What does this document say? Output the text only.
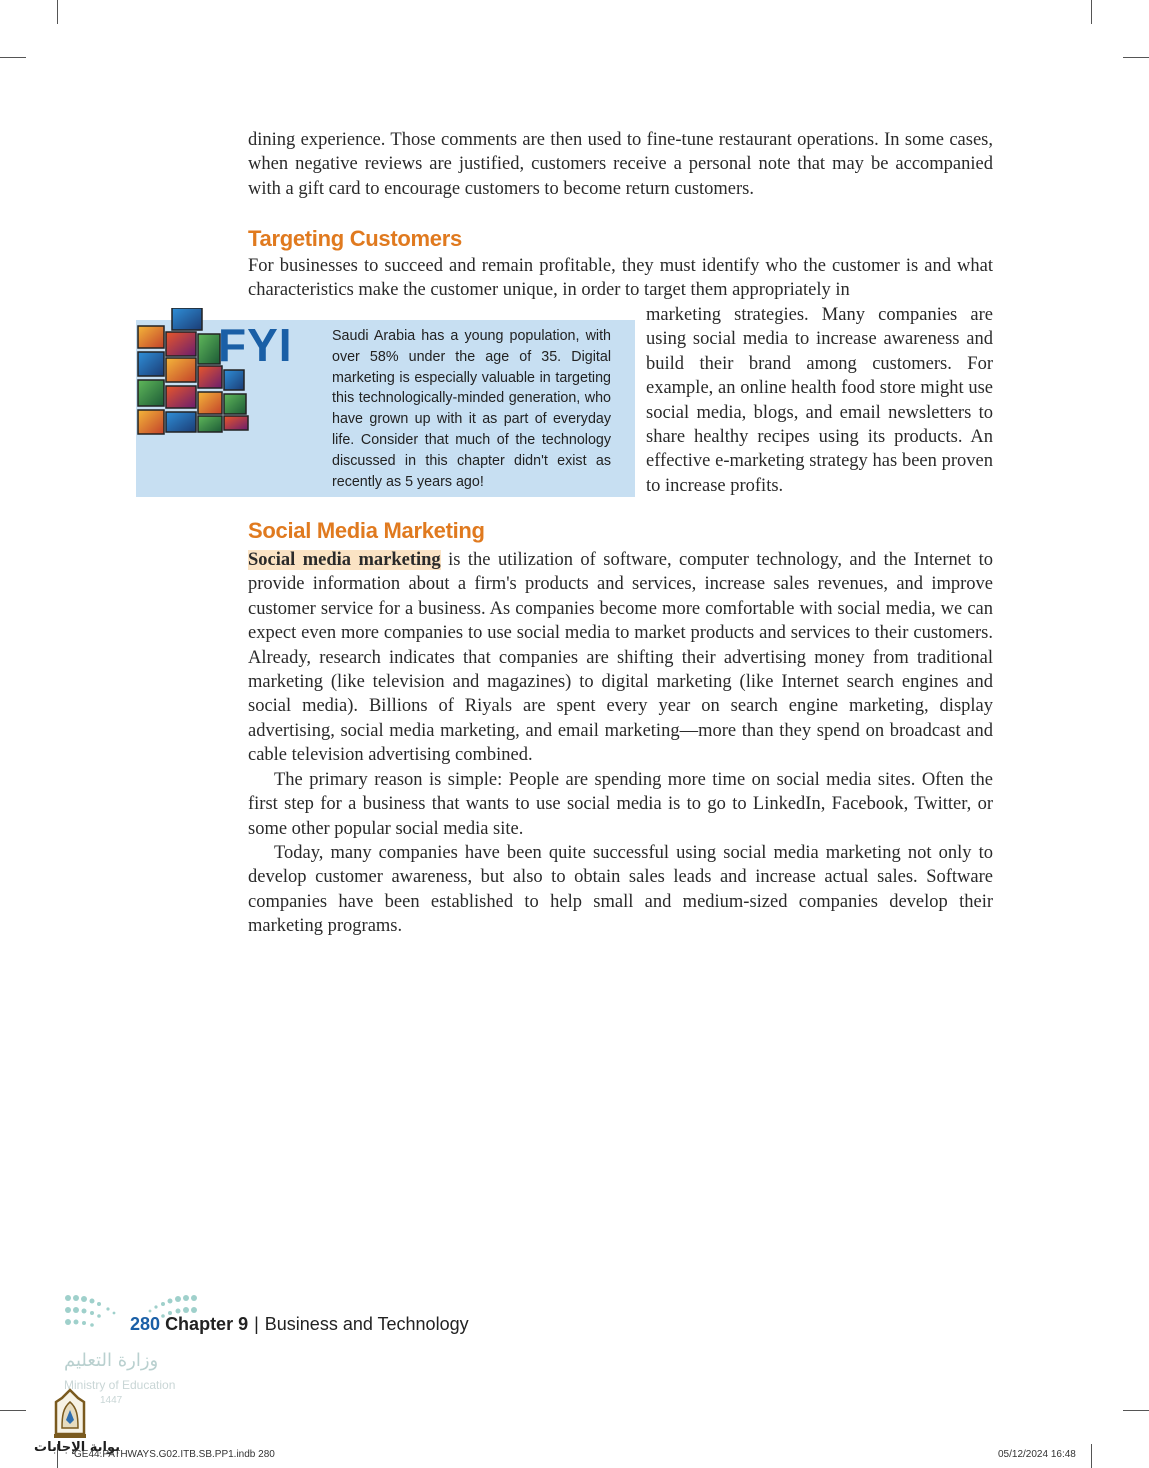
dining experience. Those comments are then used to fine-tune restaurant operations. In some cases, when negative reviews are justified, customers receive a personal note that may be accompanied with a gift card to encourage customers to become return customers.

Targeting Customers

For businesses to succeed and remain profitable, they must identify who the customer is and what characteristics make the customer unique, in order to target them appropriately in

FYI	Saudi Arabia has a young population, with over 58% under the age of 35. Digital marketing is especially valuable in targeting this technologically-minded generation, who have grown up with it as part of everyday life. Consider that much of the technology discussed in this chapter didn't exist as recently as 5 years ago!

marketing strategies. Many companies are using social media to increase awareness and build their brand among customers. For example, an online health food store might use social media, blogs, and email newsletters to share healthy recipes using its products. An effective e-marketing strategy has been proven to increase profits.

Social Media Marketing

Social media marketing is the utilization of software, computer technology, and the Internet to provide information about a firm's products and services, increase sales revenues, and improve customer service for a business. As companies become more comfortable with social media, we can expect even more companies to use social media to market products and services to their customers. Already, research indicates that companies are shifting their advertising money from traditional marketing (like television and magazines) to digital marketing (like Internet search engines and social media). Billions of Riyals are spent every year on search engine marketing, display advertising, social media marketing, and email marketing—more than they spend on broadcast and cable television advertising combined.

The primary reason is simple: People are spending more time on social media sites. Often the first step for a business that wants to use social media is to go to LinkedIn, Facebook, Twitter, or some other popular social media site.

Today, many companies have been quite successful using social media marketing not only to develop customer awareness, but also to obtain sales leads and increase actual sales. Software companies have been established to help small and medium-sized companies develop their marketing programs.

280 Chapter 9 | Business and Technology

وزارة التعليم

Ministry of Education

1447

بوابة الإجابات

GE44.PATHWAYS.G02.ITB.SB.PP1.indb 280	05/12/2024 16:48
